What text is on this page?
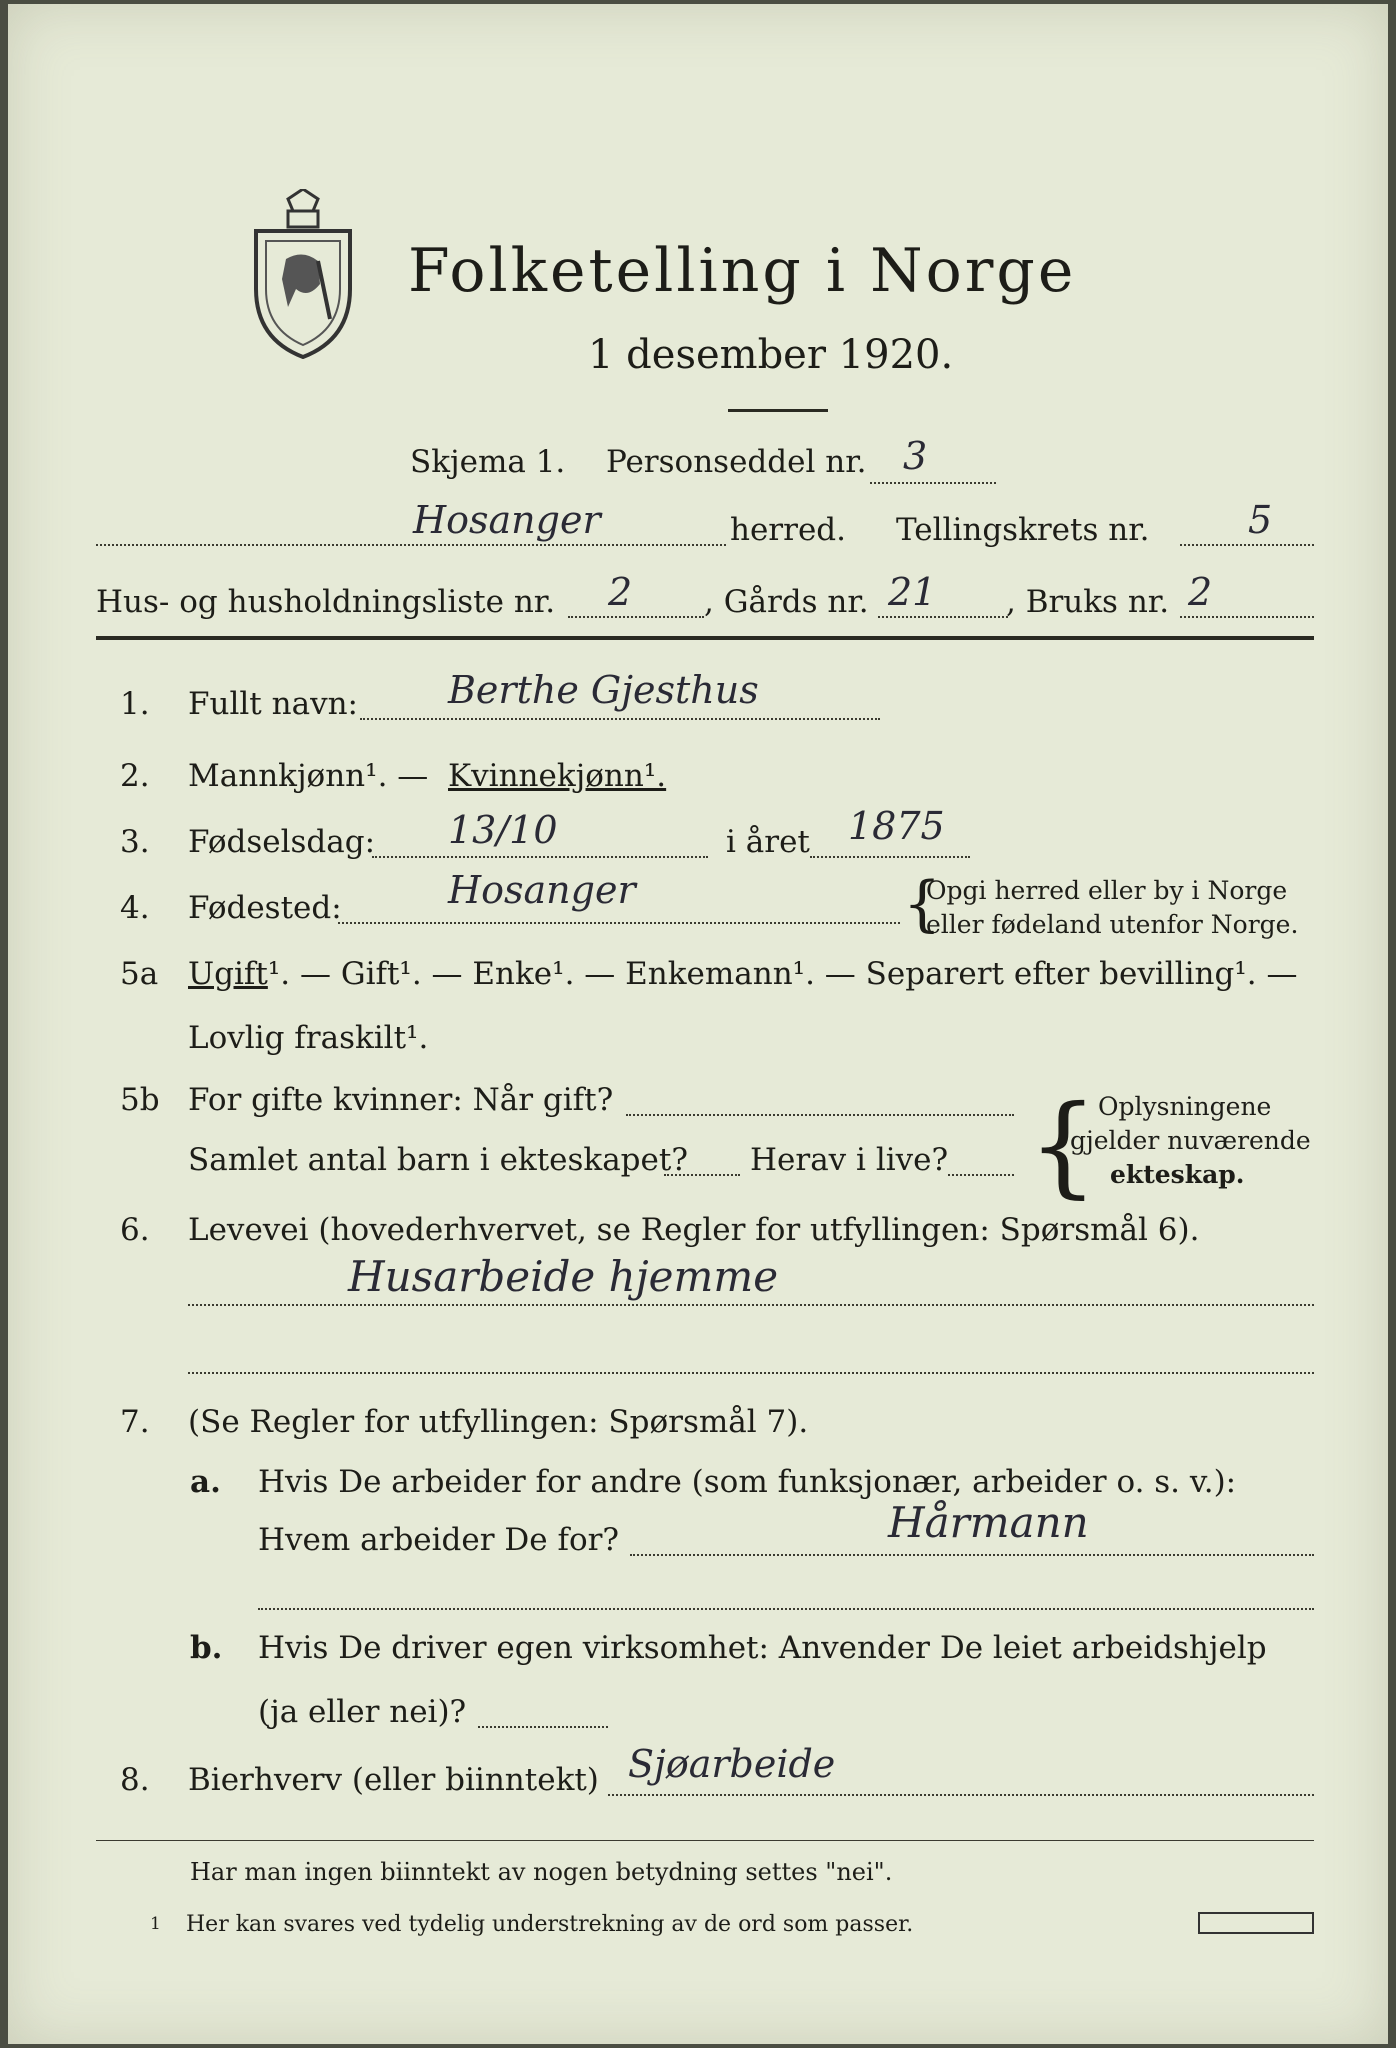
Folketelling i Norge
1 desember 1920.
Skjema 1. Personseddel nr. 3
Hosanger	herred. Tellingskrets nr.	5
Hus- og husholdningsliste nr. 2 , Gårds nr. 21 , Bruks nr. 2
1. Fullt navn: Berthe Gjesthus
2. Mannkjønn¹. — Kvinnekjønn¹.
3. Fødselsdag: 13/10	i året 1875
4. Fødested:	Hosanger	{
Opgi herred eller by i Norge
eller fødeland utenfor Norge.
5a Ugift¹. — Gift¹. — Enke¹. — Enkemann¹. — Separert efter bevilling¹. —
Lovlig fraskilt¹.
5b For gifte kvinner: Når gift?
Samlet antal barn i ekteskapet? Herav i live? { Oplysningene
gjelder nuværende
ekteskap.
6. Levevei (hovederhvervet, se Regler for utfyllingen: Spørsmål 6).
Husarbeide hjemme
7. (Se Regler for utfyllingen: Spørsmål 7).
a. Hvis De arbeider for andre (som funksjonær, arbeider o. s. v.):
Hvem arbeider De for?	Hårmann
b. Hvis De driver egen virksomhet: Anvender De leiet arbeidshjelp
(ja eller nei)?
8. Bierhverv (eller biinntekt) Sjøarbeide
Har man ingen biinntekt av nogen betydning settes "nei".
1 Her kan svares ved tydelig understrekning av de ord som passer.
